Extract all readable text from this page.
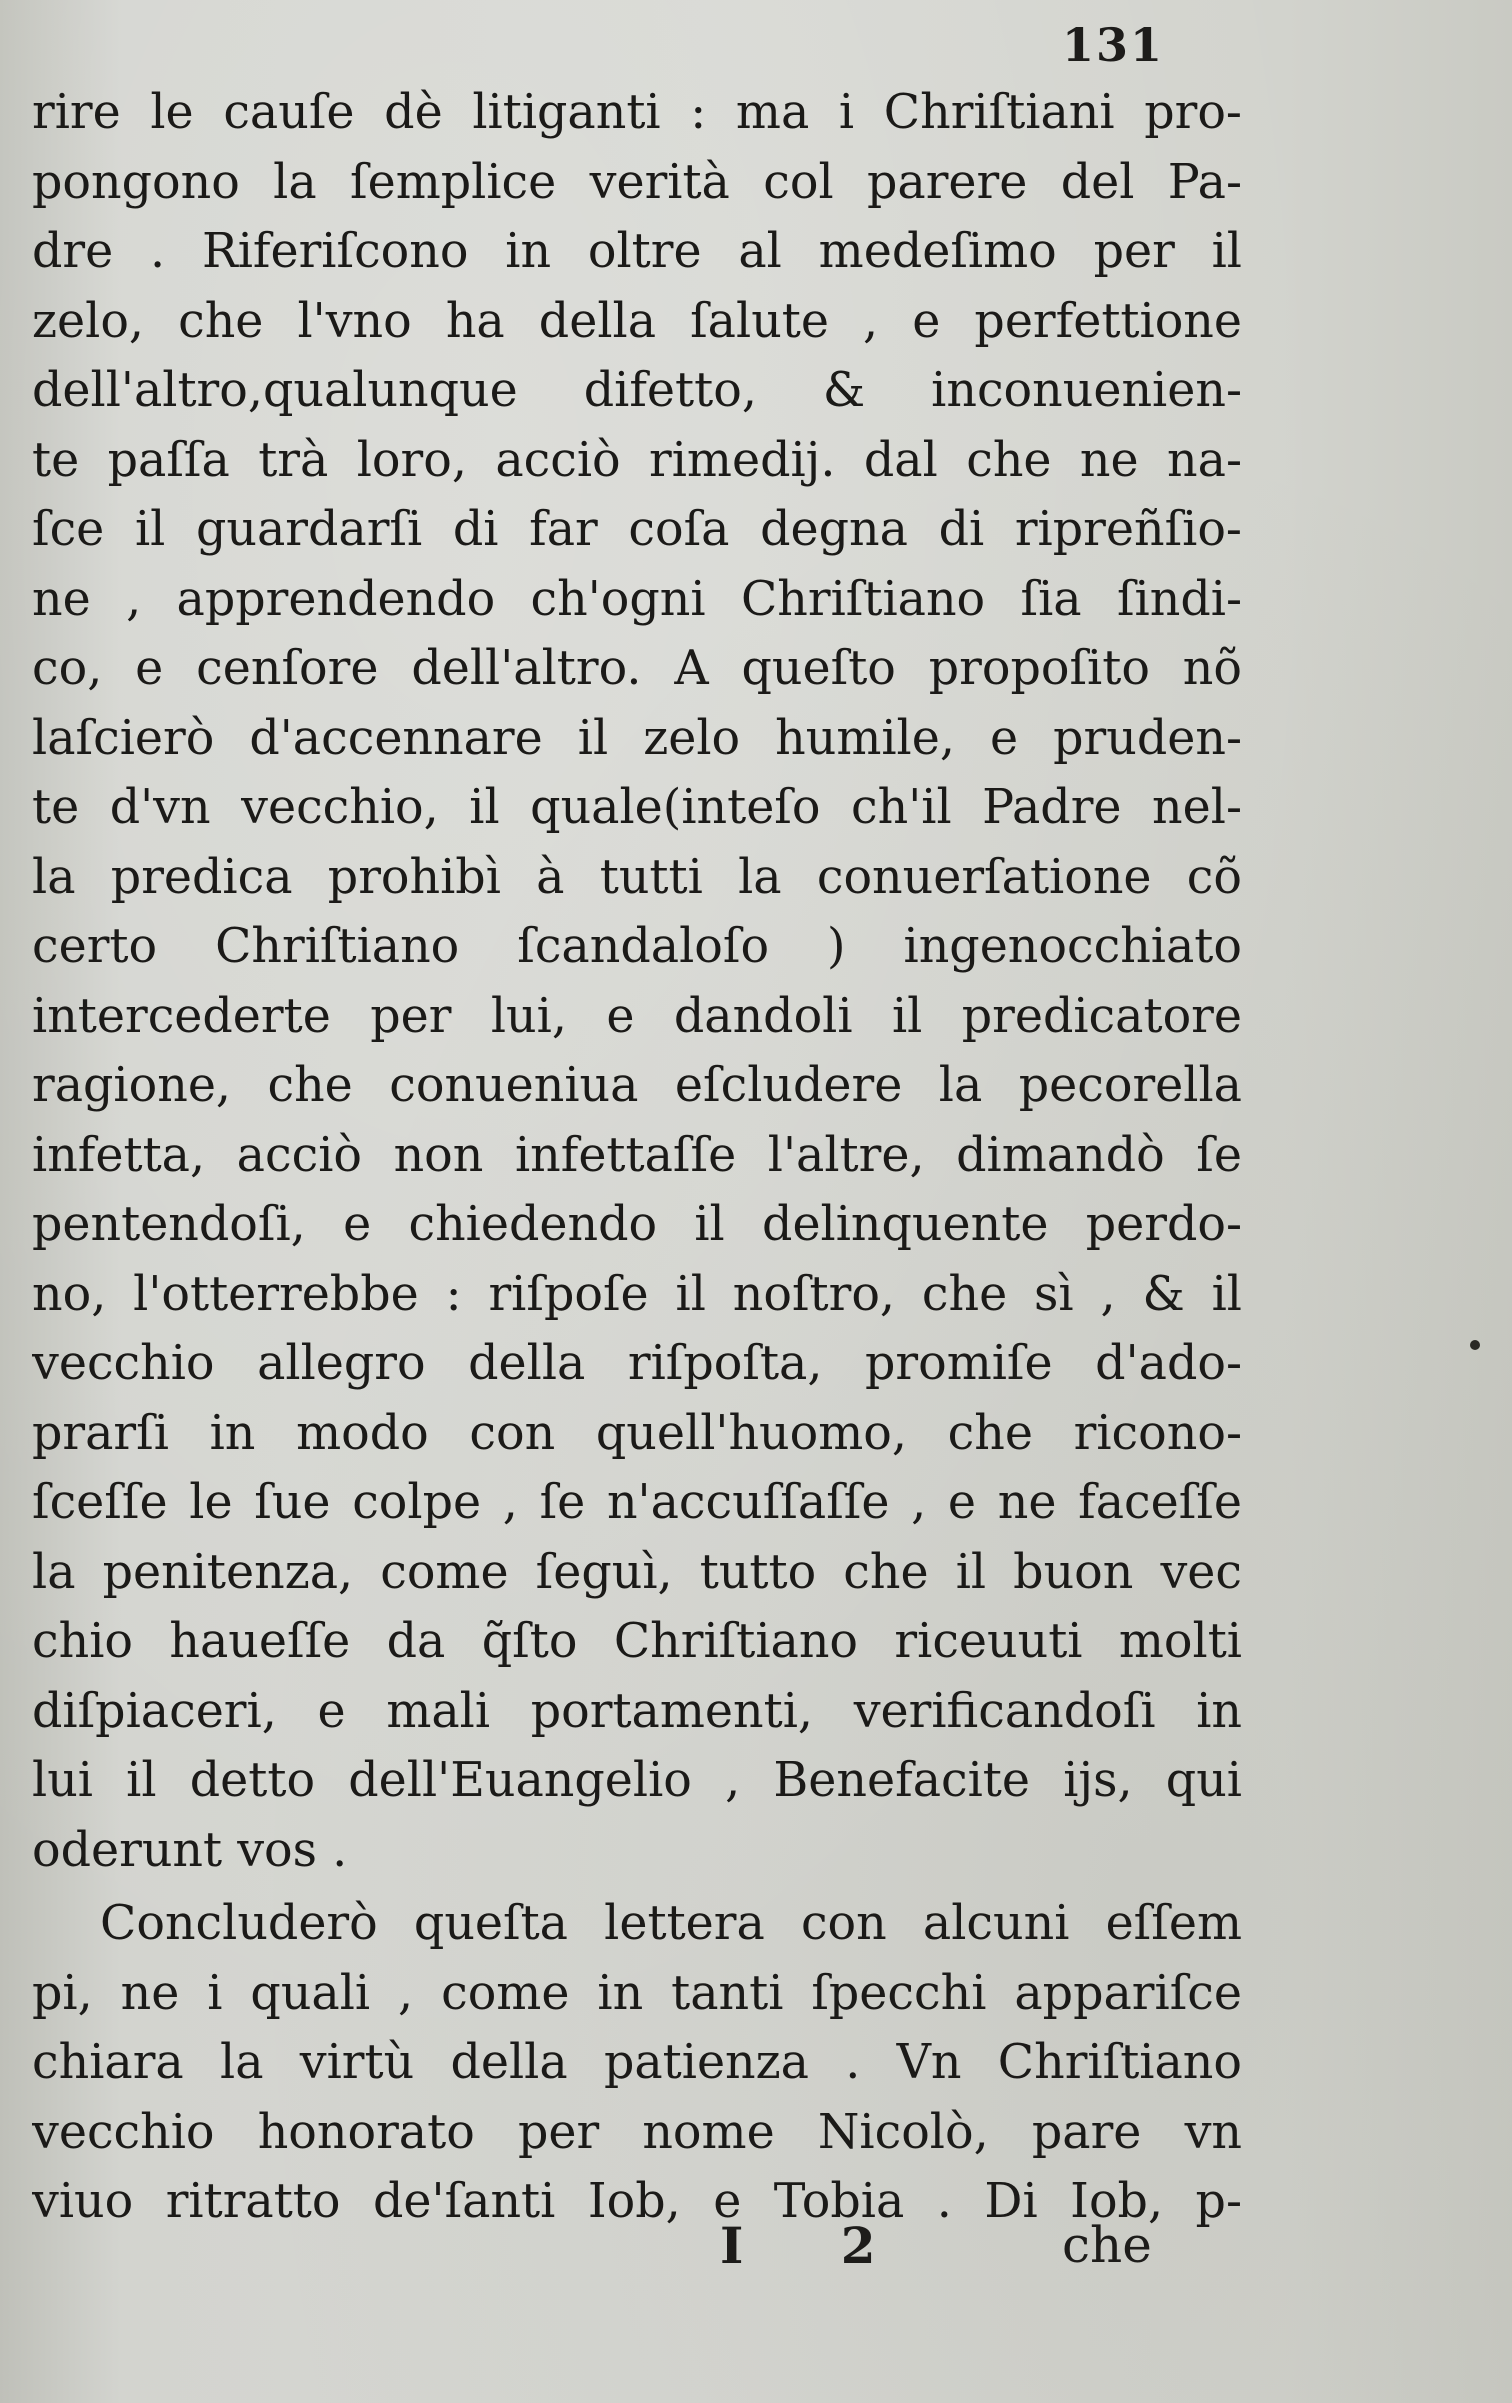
131
rire le cauſe dè litiganti : ma i Chriſtiani pro-
pongono la ſemplice verità col parere del Pa-
dre . Riferiſcono in oltre al medeſimo per il
zelo, che l'vno ha della ſalute , e perfettione
dell'altro,qualunque difetto, & inconuenien-
te paſſa trà loro, acciò rimedij. dal che ne na-
ſce il guardarſi di far coſa degna di ripreñſio-
ne , apprendendo ch'ogni Chriſtiano ſia ſindi-
co, e cenſore dell'altro. A queſto propoſito nõ
laſcierò d'accennare il zelo humile, e pruden-
te d'vn vecchio, il quale(inteſo ch'il Padre nel-
la predica prohibì à tutti la conuerſatione cõ
certo Chriſtiano ſcandaloſo ) ingenocchiato
intercederte per lui, e dandoli il predicatore
ragione, che conueniua eſcludere la pecorella
infetta, acciò non infettaſſe l'altre, dimandò ſe
pentendoſi, e chiedendo il delinquente perdo-
no, l'otterrebbe : riſpoſe il noſtro, che sì , & il
vecchio allegro della riſpoſta, promiſe d'ado-
prarſi in modo con quell'huomo, che ricono-
ſceſſe le ſue colpe , ſe n'accuſſaſſe , e ne faceſſe
la penitenza, come ſeguì, tutto che il buon vec
chio haueſſe da q̃ſto Chriſtiano riceuuti molti
diſpiaceri, e mali portamenti, verificandoſi in
lui il detto dell'Euangelio , Benefacite ijs, qui
oderunt vos .
Concluderò queſta lettera con alcuni eſſem
pi, ne i quali , come in tanti ſpecchi appariſce
chiara la virtù della patienza . Vn Chriſtiano
vecchio honorato per nome Nicolò, pare vn
viuo ritratto de'ſanti Iob, e Tobia . Di Iob, p-
I 2	che
